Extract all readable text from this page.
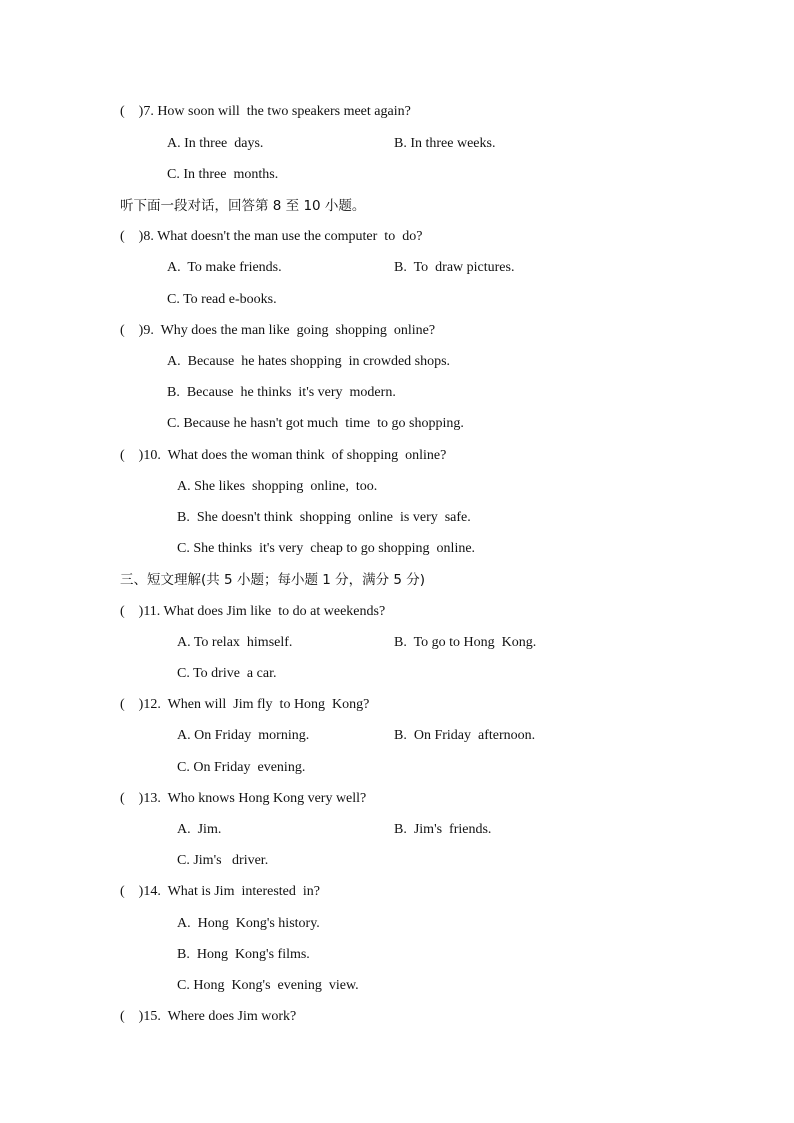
(    )7. How soon will  the two speakers meet again?
A. In three  days.	B. In three weeks.
C. In three  months.
听下面一段对话，回答第 8 至 10 小题。
(    )8. What doesn't the man use the computer  to  do?
A.  To make friends.	B.  To  draw pictures.
C. To read e-books.
(    )9.  Why does the man like  going  shopping  online?
A.  Because  he hates shopping  in crowded shops.
B.  Because  he thinks  it's very  modern.
C. Because he hasn't got much  time  to go shopping.
(    )10.  What does the woman think  of shopping  online?
A. She likes  shopping  online,  too.
B.  She doesn't think  shopping  online  is very  safe.
C. She thinks  it's very  cheap to go shopping  online.
三、短文理解(共 5 小题；每小题 1 分，满分 5 分)
(    )11. What does Jim like  to do at weekends?
A. To relax  himself.	B.  To go to Hong  Kong.
C. To drive  a car.
(    )12.  When will  Jim fly  to Hong  Kong?
A. On Friday  morning.	B.  On Friday  afternoon.
C. On Friday  evening.
(    )13.  Who knows Hong Kong very well?
A.  Jim.	B.  Jim's  friends.
C. Jim's   driver.
(    )14.  What is Jim  interested  in?
A.  Hong  Kong's history.
B.  Hong  Kong's films.
C. Hong  Kong's  evening  view.
(    )15.  Where does Jim work?
